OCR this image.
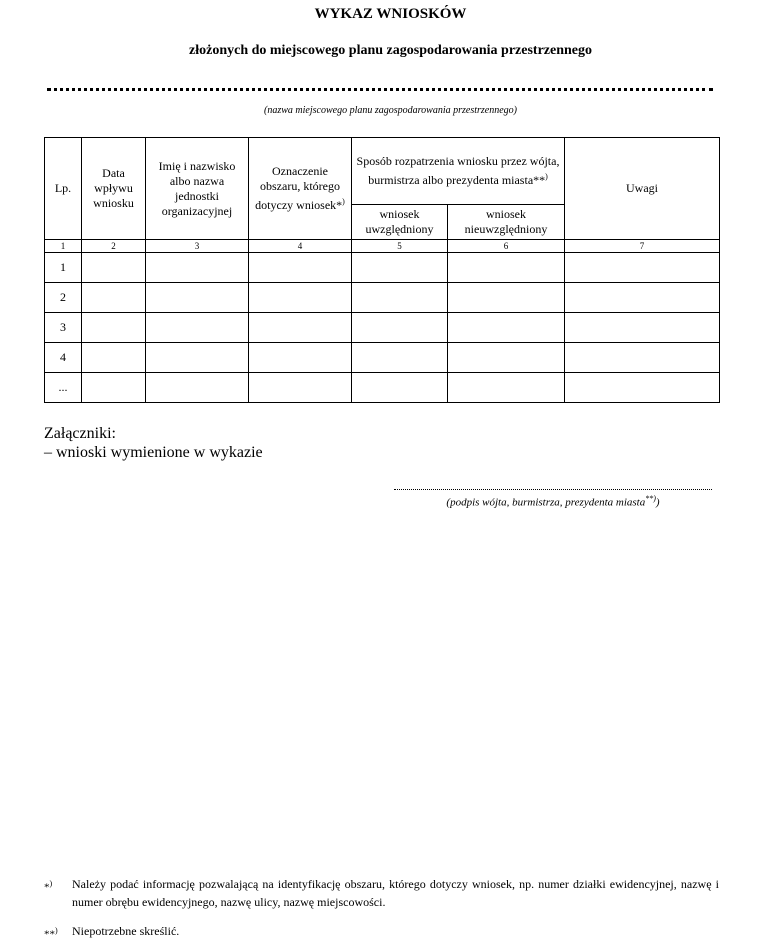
WYKAZ WNIOSKÓW
złożonych do miejscowego planu zagospodarowania przestrzennego
(nazwa miejscowego planu zagospodarowania przestrzennego)
Lp.	Data wpływu wniosku	Imię i nazwisko albo nazwa jednostki organizacyjnej	Oznaczenie obszaru, którego dotyczy wniosek*)	Sposób rozpatrzenia wniosku przez wójta, burmistrza albo prezydenta miasta**)		Uwagi
				wniosek uwzględniony	wniosek nieuwzględniony	
1	2	3	4	5	6	7
1						
2						
3						
4						
...						
Załączniki:
– wnioski wymienione w wykazie
(podpis wójta, burmistrza, prezydenta miasta**))
*) Należy podać informację pozwalającą na identyfikację obszaru, którego dotyczy wniosek, np. numer działki ewidencyjnej, nazwę i numer obrębu ewidencyjnego, nazwę ulicy, nazwę miejscowości.
**) Niepotrzebne skreślić.
